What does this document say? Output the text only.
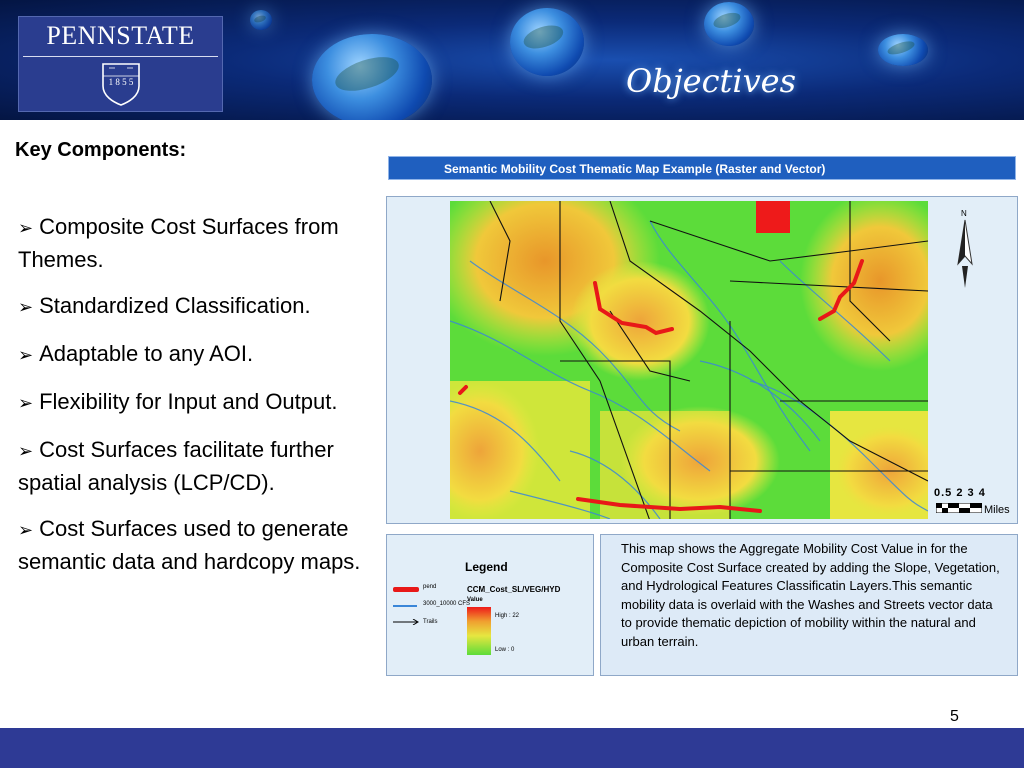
PENNSTATE
1 8 5 5	Objectives
Key Components:
➢ Composite Cost Surfaces from Themes.
➢ Standardized Classification.
➢ Adaptable to any AOI.
➢ Flexibility for Input and Output.
➢ Cost Surfaces facilitate further spatial analysis (LCP/CD).
➢ Cost Surfaces used to generate semantic data and hardcopy maps.
Semantic Mobility Cost Thematic Map Example (Raster and Vector)
N
0.5 2 3 4
Miles
Legend
pend
3000_10000 CFS
Trails
CCM_Cost_SL/VEG/HYD
Value
High : 22
Low : 0
This map shows the Aggregate Mobility Cost Value in for the Composite Cost Surface created by adding the Slope, Vegetation, and Hydrological Features Classificatin Layers.This semantic mobility data is overlaid with the Washes and Streets vector data to provide thematic depiction of mobility within the natural and urban terrain.
5
